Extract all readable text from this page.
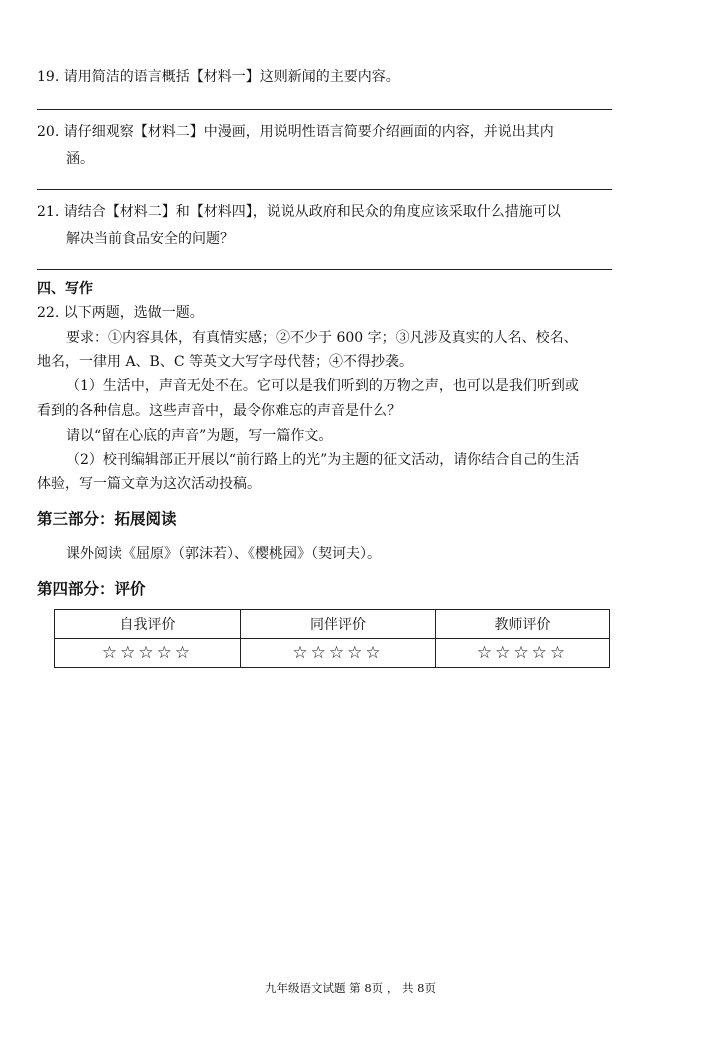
19. 请用简洁的语言概括【材料一】这则新闻的主要内容。
20. 请仔细观察【材料二】中漫画，用说明性语言简要介绍画面的内容，并说出其内
涵。
21. 请结合【材料二】和【材料四】，说说从政府和民众的角度应该采取什么措施可以
解决当前食品安全的问题？
四、写作
22. 以下两题，选做一题。
要求：①内容具体，有真情实感；②不少于 600 字；③凡涉及真实的人名、校名、
地名，一律用 A、B、C 等英文大写字母代替；④不得抄袭。
（1）生活中，声音无处不在。它可以是我们听到的万物之声，也可以是我们听到或
看到的各种信息。这些声音中，最令你难忘的声音是什么？
请以“留在心底的声音”为题，写一篇作文。
（2）校刊编辑部正开展以“前行路上的光”为主题的征文活动，请你结合自己的生活
体验，写一篇文章为这次活动投稿。
第三部分：拓展阅读
课外阅读《屈原》（郭沫若）、《樱桃园》（契诃夫）。
第四部分：评价
自我评价	同伴评价	教师评价
☆☆☆☆☆	☆☆☆☆☆	☆☆☆☆☆
九年级语文试题 第 8页 ， 共 8页
